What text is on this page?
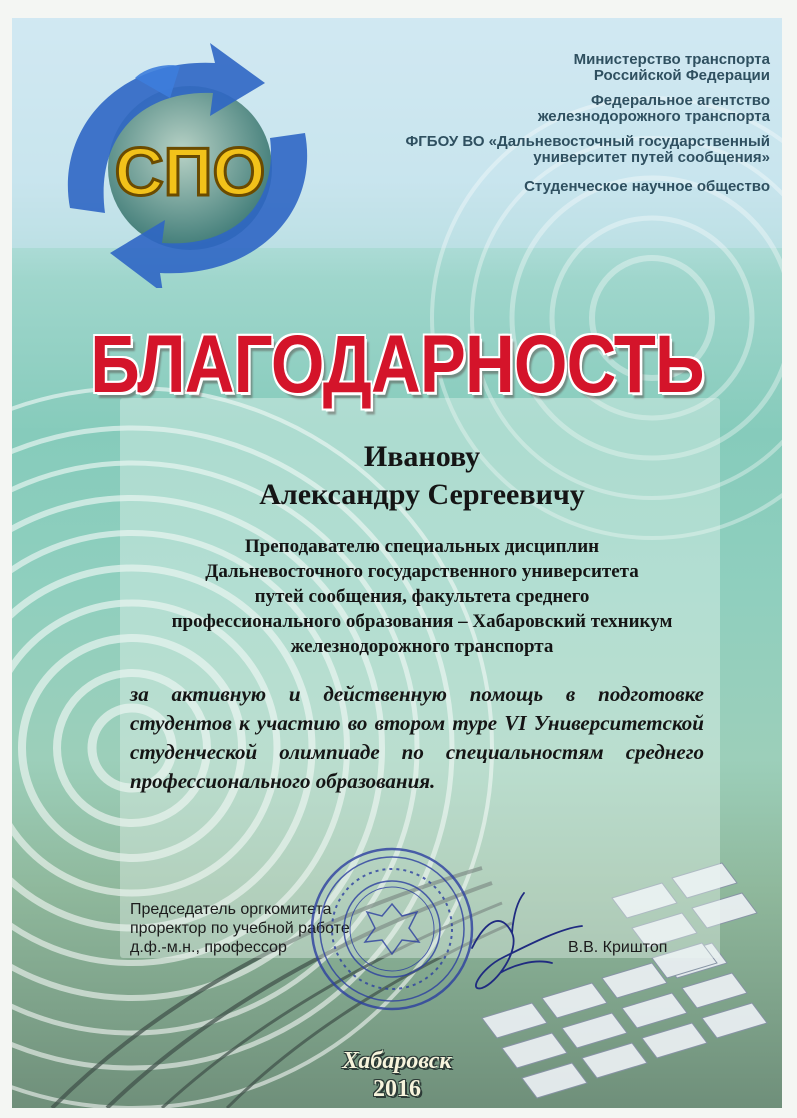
СПО
Министерство транспорта
Российской Федерации
Федеральное агентство
железнодорожного транспорта
ФГБОУ ВО «Дальневосточный государственный
университет путей сообщения»
Студенческое научное общество
БЛАГОДАРНОСТЬ
Иванову
Александру Сергеевичу
Преподавателю специальных дисциплин
Дальневосточного государственного университета
путей сообщения, факультета среднего
профессионального образования – Хабаровский техникум
железнодорожного транспорта
за активную и действенную помощь в подготовке студентов к участию во втором туре VI Университетской студенческой олимпиаде по специальностям среднего профессионального образования.
Председатель оргкомитета
проректор по учебной работе
д.ф.-м.н., профессор	В.В. Криштоп
Хабаровск
2016
